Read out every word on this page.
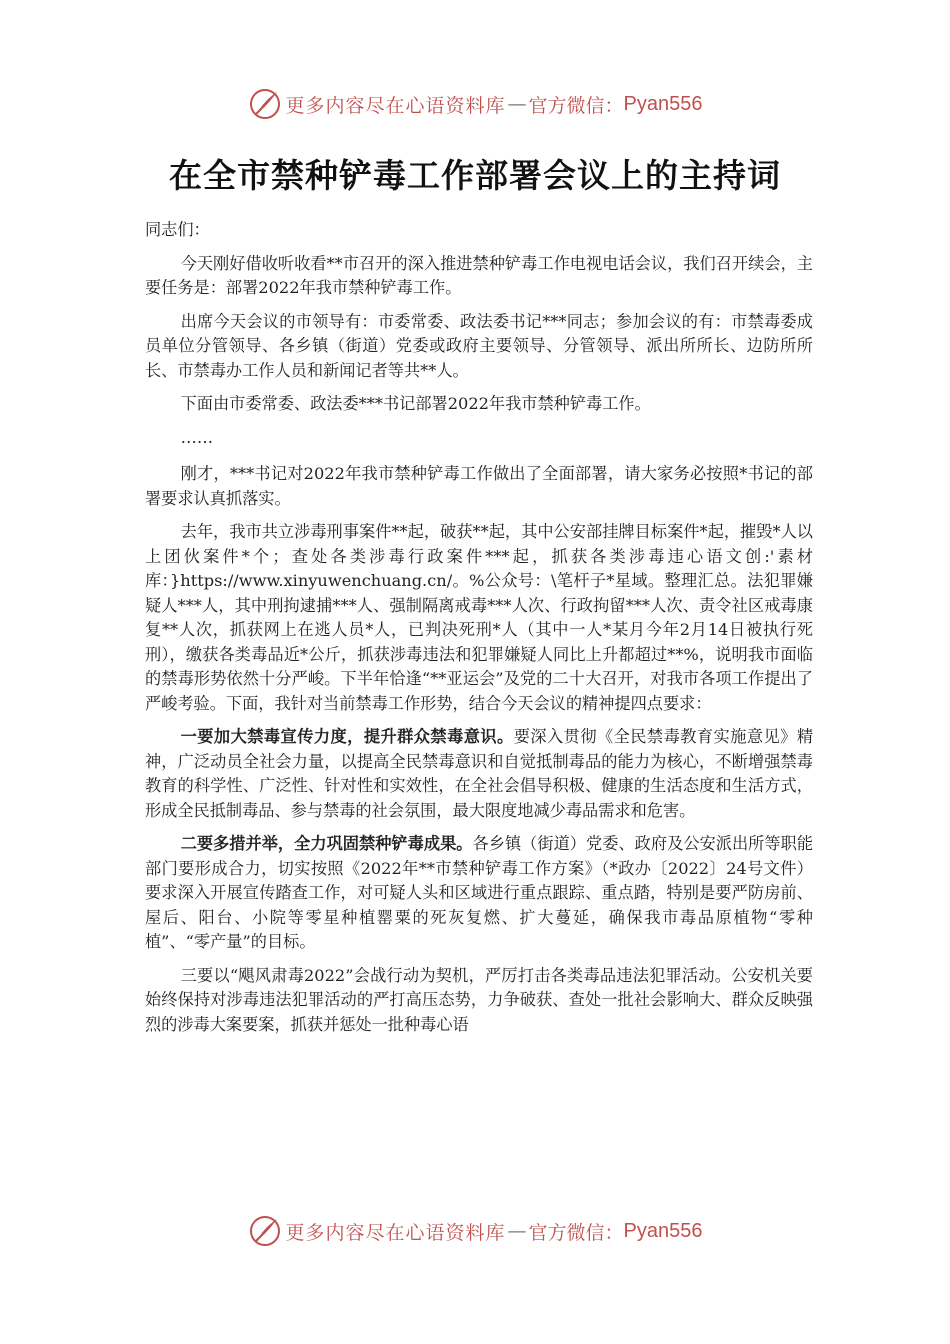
更多内容尽在心语资料库 — 官方微信： Pyan556
在全市禁种铲毒工作部署会议上的主持词

同志们：

今天刚好借收听收看**市召开的深入推进禁种铲毒工作电视电话会议，我们召开续会，主要任务是：部署2022年我市禁种铲毒工作。

出席今天会议的市领导有：市委常委、政法委书记***同志；参加会议的有：市禁毒委成员单位分管领导、各乡镇（街道）党委或政府主要领导、分管领导、派出所所长、边防所所长、市禁毒办工作人员和新闻记者等共**人。

下面由市委常委、政法委***书记部署2022年我市禁种铲毒工作。

……

刚才，***书记对2022年我市禁种铲毒工作做出了全面部署，请大家务必按照*书记的部署要求认真抓落实。

去年，我市共立涉毒刑事案件**起，破获**起，其中公安部挂牌目标案件*起，摧毁*人以上团伙案件*个；查处各类涉毒行政案件***起，抓获各类涉毒违心语文创:'素材库：}https://www.xinyuwenchuang.cn/。%公众号：\笔杆子*星域。整理汇总。法犯罪嫌疑人***人，其中刑拘逮捕***人、强制隔离戒毒***人次、行政拘留***人次、责令社区戒毒康复**人次，抓获网上在逃人员*人，已判决死刑*人（其中一人*某月今年2月14日被执行死刑），缴获各类毒品近*公斤，抓获涉毒违法和犯罪嫌疑人同比上升都超过**%，说明我市面临的禁毒形势依然十分严峻。下半年恰逢“**亚运会”及党的二十大召开，对我市各项工作提出了严峻考验。下面，我针对当前禁毒工作形势，结合今天会议的精神提四点要求：

一要加大禁毒宣传力度，提升群众禁毒意识。要深入贯彻《全民禁毒教育实施意见》精神，广泛动员全社会力量，以提高全民禁毒意识和自觉抵制毒品的能力为核心，不断增强禁毒教育的科学性、广泛性、针对性和实效性，在全社会倡导积极、健康的生活态度和生活方式，形成全民抵制毒品、参与禁毒的社会氛围，最大限度地减少毒品需求和危害。

二要多措并举，全力巩固禁种铲毒成果。各乡镇（街道）党委、政府及公安派出所等职能部门要形成合力，切实按照《2022年**市禁种铲毒工作方案》（*政办〔2022〕24号文件）要求深入开展宣传踏查工作，对可疑人头和区域进行重点跟踪、重点踏，特别是要严防房前、屋后、阳台、小院等零星种植罂粟的死灰复燃、扩大蔓延，确保我市毒品原植物“零种植”、“零产量”的目标。

三要以“飓风肃毒2022”会战行动为契机，严厉打击各类毒品违法犯罪活动。公安机关要始终保持对涉毒违法犯罪活动的严打高压态势，力争破获、查处一批社会影响大、群众反映强烈的涉毒大案要案，抓获并惩处一批种毒心语

更多内容尽在心语资料库 — 官方微信： Pyan556
